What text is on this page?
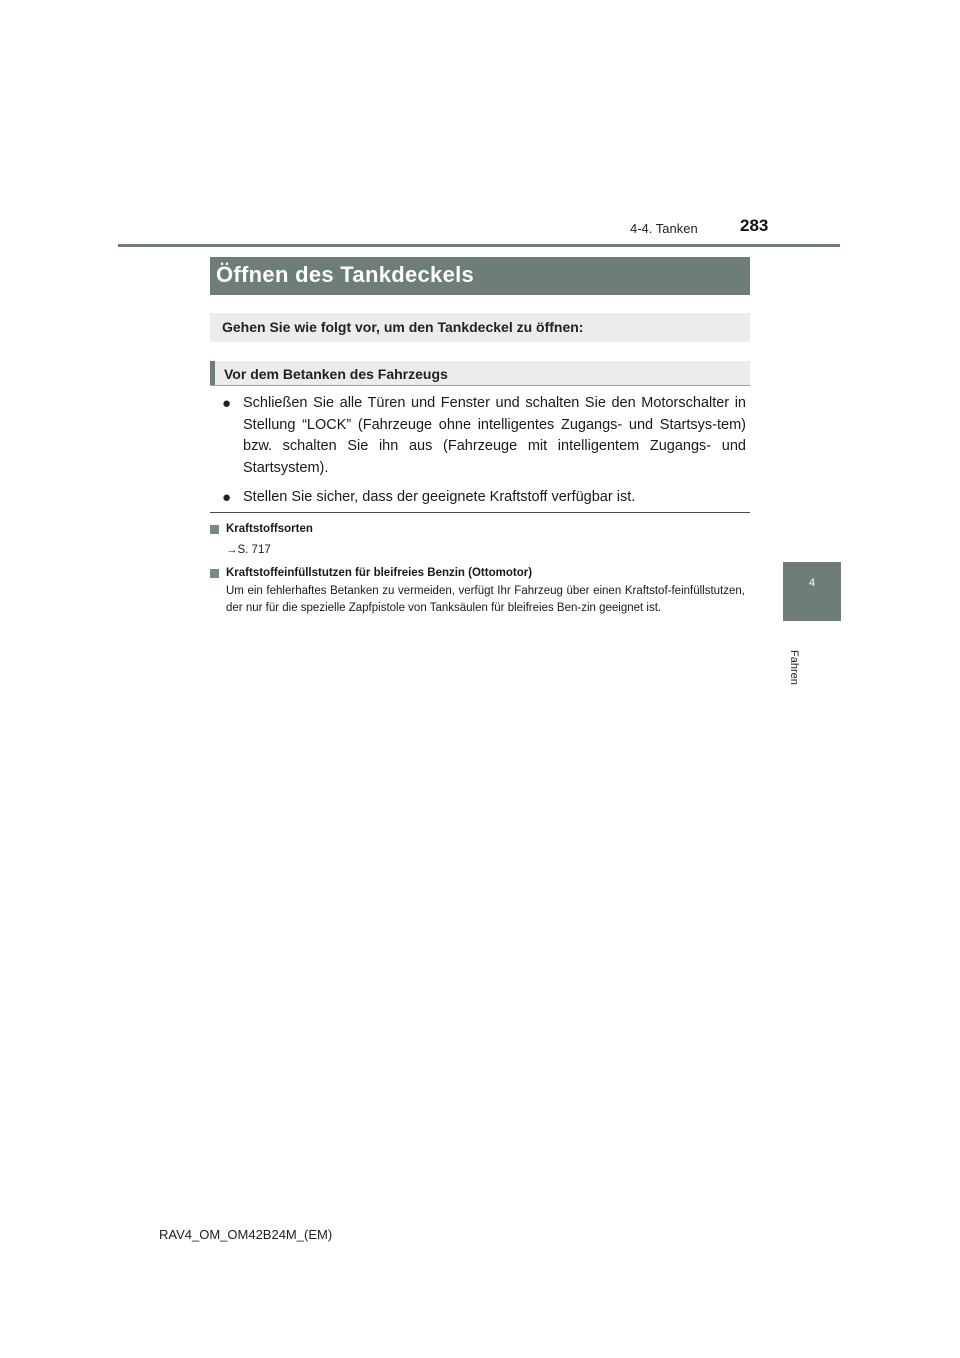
4-4. Tanken 283
4
Fahren
Öffnen des Tankdeckels
Gehen Sie wie folgt vor, um den Tankdeckel zu öffnen:
Vor dem Betanken des Fahrzeugs
● Schließen Sie alle Türen und Fenster und schalten Sie den Motorschalter in Stellung “LOCK” (Fahrzeuge ohne intelligentes Zugangs- und Startsys-tem) bzw. schalten Sie ihn aus (Fahrzeuge mit intelligentem Zugangs- und Startsystem).
● Stellen Sie sicher, dass der geeignete Kraftstoff verfügbar ist.
Kraftstoffsorten
→S. 717
Kraftstoffeinfüllstutzen für bleifreies Benzin (Ottomotor)
Um ein fehlerhaftes Betanken zu vermeiden, verfügt Ihr Fahrzeug über einen Kraftstof-feinfüllstutzen, der nur für die spezielle Zapfpistole von Tanksäulen für bleifreies Ben-zin geeignet ist.
RAV4_OM_OM42B24M_(EM)
